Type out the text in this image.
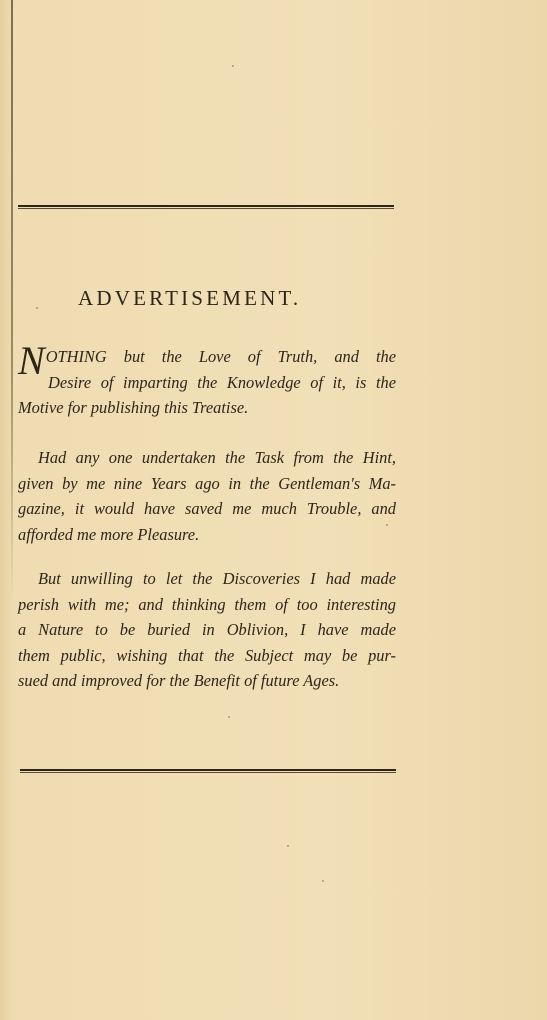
ADVERTISEMENT.
N OTHING but the Love of Truth, and the
Desire of imparting the Knowledge of it, is the
Motive for publishing this Treatise.
Had any one undertaken the Task from the Hint,
given by me nine Years ago in the Gentleman's Ma-
gazine, it would have saved me much Trouble, and
afforded me more Pleasure.
But unwilling to let the Discoveries I had made
perish with me; and thinking them of too interesting
a Nature to be buried in Oblivion, I have made
them public, wishing that the Subject may be pur-
sued and improved for the Benefit of future Ages.
